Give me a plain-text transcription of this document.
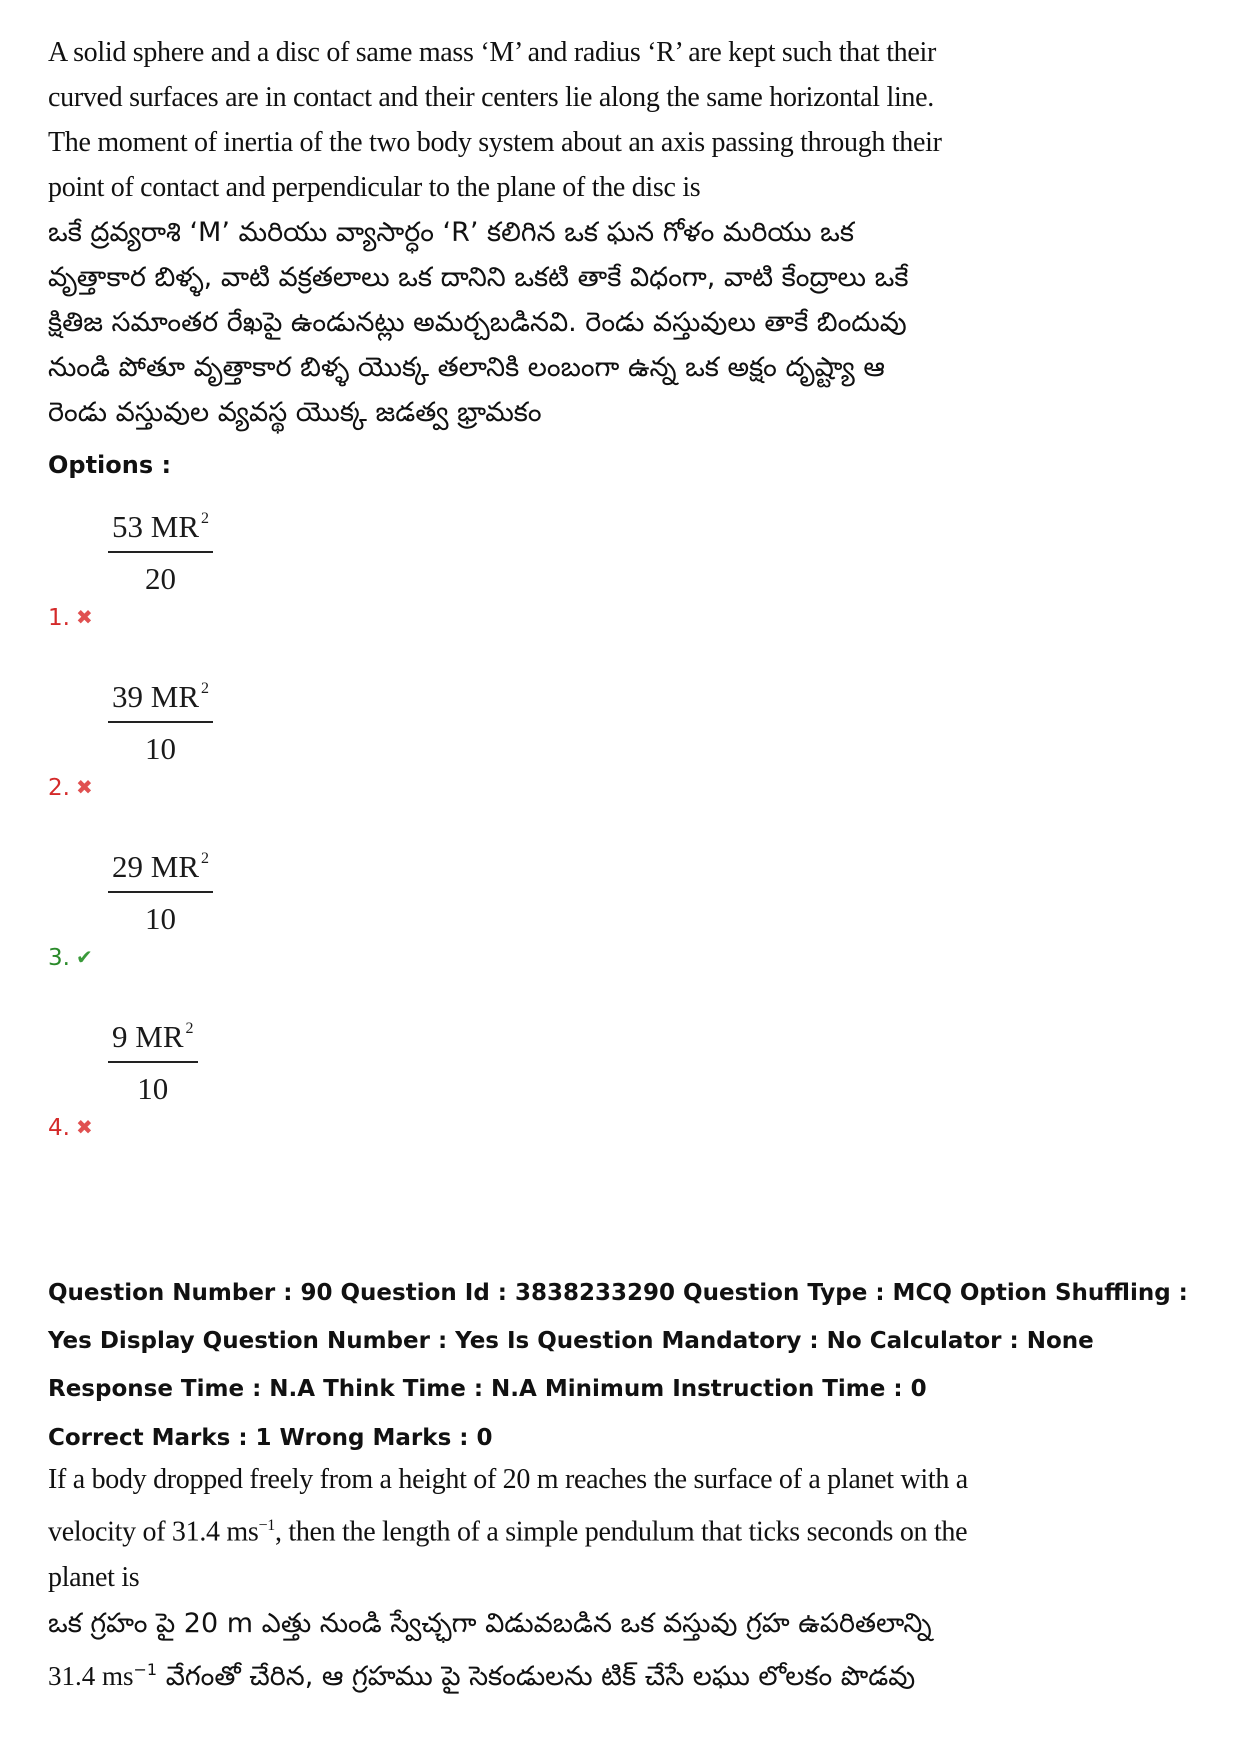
A solid sphere and a disc of same mass ‘M’ and radius ‘R’ are kept such that their curved surfaces are in contact and their centers lie along the same horizontal line. The moment of inertia of the two body system about an axis passing through their point of contact and perpendicular to the plane of the disc is
ఒకే ద్రవ్యరాశి ‘M’ మరియు వ్యాసార్ధం ‘R’ కలిగిన ఒక ఘన గోళం మరియు ఒక వృత్తాకార బిళ్ళ, వాటి వక్రతలాలు ఒక దానిని ఒకటి తాకే విధంగా, వాటి కేంద్రాలు ఒకే క్షితిజ సమాంతర రేఖపై ఉండునట్లు అమర్చబడినవి. రెండు వస్తువులు తాకే బిందువు నుండి పోతూ వృత్తాకార బిళ్ళ యొక్క తలానికి లంబంగా ఉన్న ఒక అక్షం దృష్ట్యా ఆ రెండు వస్తువుల వ్యవస్థ యొక్క జడత్వ భ్రామకం
Options :
1. ✖
$\frac{53 MR ^2}{20}$
2. ✖
$\frac{39 MR ^2}{10}$
3. ✔
$\frac{29 MR ^2}{10}$
4. ✖
$\frac{9 MR ^2}{10}$
Question Number : 90 Question Id : 3838233290 Question Type : MCQ Option Shuffling : Yes Display Question Number : Yes Is Question Mandatory : No Calculator : None Response Time : N.A Think Time : N.A Minimum Instruction Time : 0
Correct Marks : 1 Wrong Marks : 0
If a body dropped freely from a height of 20 m reaches the surface of a planet with a velocity of 31.4 $ms^{-1}$, then the length of a simple pendulum that ticks seconds on the planet is
ఒక గ్రహం పై 20 m ఎత్తు నుండి స్వేచ్ఛగా విడువబడిన ఒక వస్తువు గ్రహ ఉపరితలాన్ని
31.4 $ms^{-1}$ వేగంతో చేరిన, ఆ గ్రహము పై సెకండులను టిక్ చేసే లఘు లోలకం పొడవు
